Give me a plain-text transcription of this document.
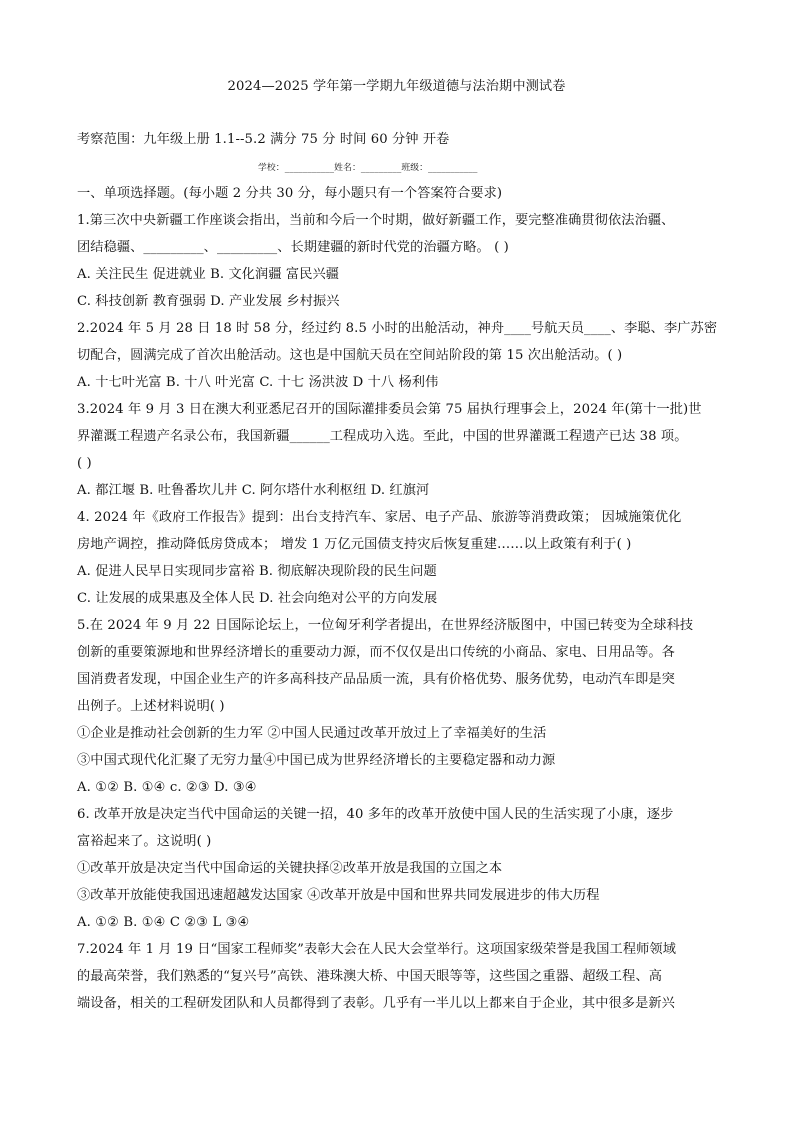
2024—2025 学年第一学期九年级道德与法治期中测试卷
考察范围：九年级上册 1.1--5.2 满分 75 分 时间 60 分钟 开卷
学校：___________姓名：_________班级：___________
一、单项选择题。(每小题 2 分共 30 分，每小题只有一个答案符合要求)
1.第三次中央新疆工作座谈会指出，当前和今后一个时期，做好新疆工作，要完整准确贯彻依法治疆、
团结稳疆、_________、_________、长期建疆的新时代党的治疆方略。 ( )
A. 关注民生 促进就业 B. 文化润疆 富民兴疆
C. 科技创新 教育强弱 D. 产业发展 乡村振兴
2.2024 年 5 月 28 日 18 时 58 分，经过约 8.5 小时的出舱活动，神舟____号航天员____、李聪、李广苏密
切配合，圆满完成了首次出舱活动。这也是中国航天员在空间站阶段的第 15 次出舱活动。( )
A. 十七叶光富 B. 十八 叶光富 C. 十七 汤洪波 D 十八 杨利伟
3.2024 年 9 月 3 日在澳大利亚悉尼召开的国际灌排委员会第 75 届执行理事会上，2024 年(第十一批)世
界灌溉工程遗产名录公布，我国新疆______工程成功入选。至此，中国的世界灌溉工程遗产已达 38 项。
( )
A. 都江堰 B. 吐鲁番坎儿井 C. 阿尔塔什水利枢纽 D. 红旗河
4. 2024 年《政府工作报告》提到：出台支持汽车、家居、电子产品、旅游等消费政策； 因城施策优化
房地产调控，推动降低房贷成本； 增发 1 万亿元国债支持灾后恢复重建……以上政策有利于( )
A. 促进人民早日实现同步富裕 B. 彻底解决现阶段的民生问题
C. 让发展的成果惠及全体人民 D. 社会向绝对公平的方向发展
5.在 2024 年 9 月 22 日国际论坛上，一位匈牙利学者提出，在世界经济版图中，中国已转变为全球科技
创新的重要策源地和世界经济增长的重要动力源，而不仅仅是出口传统的小商品、家电、日用品等。各
国消费者发现，中国企业生产的许多高科技产品品质一流，具有价格优势、服务优势，电动汽车即是突
出例子。上述材料说明( )
①企业是推动社会创新的生力军 ②中国人民通过改革开放过上了幸福美好的生活
③中国式现代化汇聚了无穷力量④中国已成为世界经济增长的主要稳定器和动力源
A. ①② B. ①④ c. ②③ D. ③④
6. 改革开放是决定当代中国命运的关键一招，40 多年的改革开放使中国人民的生活实现了小康，逐步
富裕起来了。这说明( )
①改革开放是决定当代中国命运的关键抉择②改革开放是我国的立国之本
③改革开放能使我国迅速超越发达国家 ④改革开放是中国和世界共同发展进步的伟大历程
A. ①② B. ①④ C ②③ L ③④
7.2024 年 1 月 19 日“国家工程师奖”表彰大会在人民大会堂举行。这项国家级荣誉是我国工程师领域
的最高荣誉，我们熟悉的“复兴号”高铁、港珠澳大桥、中国天眼等等，这些国之重器、超级工程、高
端设备，相关的工程研发团队和人员都得到了表彰。几乎有一半儿以上都来自于企业，其中很多是新兴
